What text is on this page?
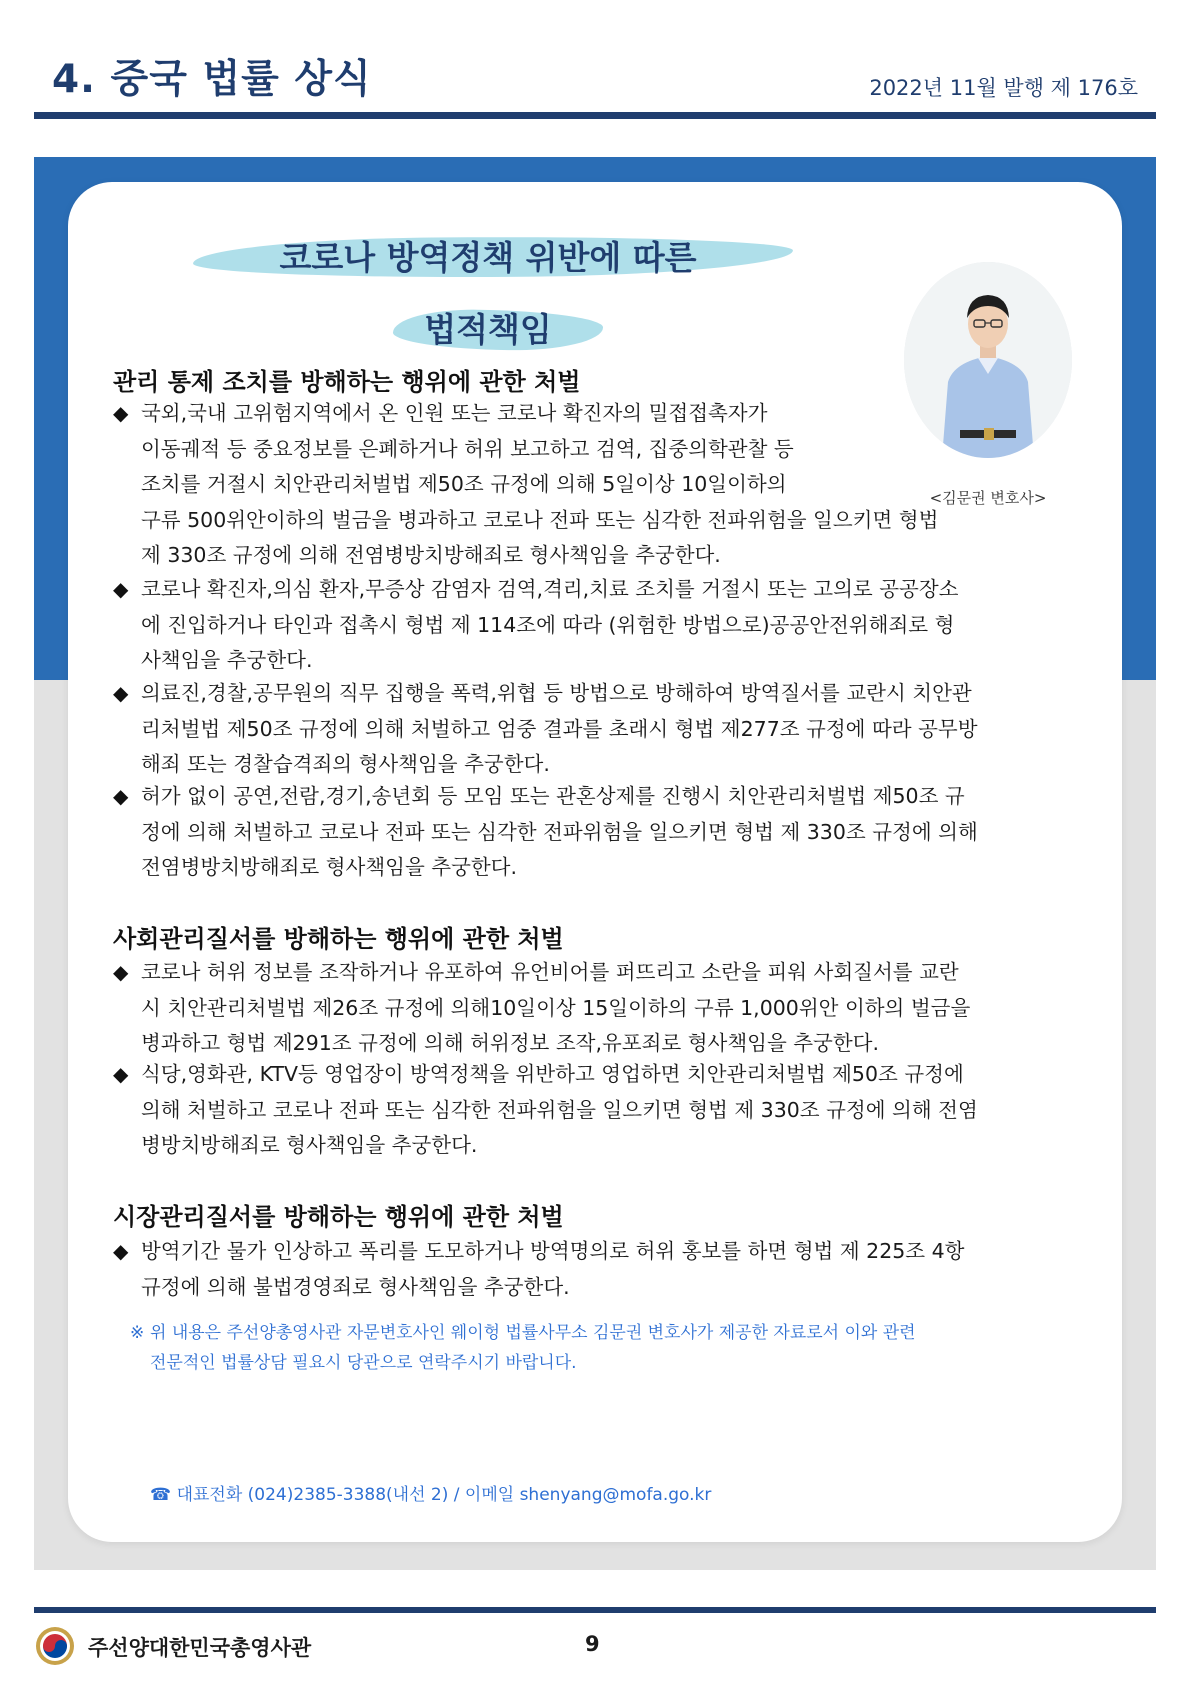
4. 중국 법률 상식	2022년 11월 발행 제 176호
코로나 방역정책 위반에 따른
법적책임
<김문권 변호사>
관리 통제 조치를 방해하는 행위에 관한 처벌
◆ 국외,국내 고위험지역에서 온 인원 또는 코로나 확진자의 밀접접촉자가
이동궤적 등 중요정보를 은폐하거나 허위 보고하고 검역, 집중의학관찰 등
조치를 거절시 치안관리처벌법 제50조 규정에 의해 5일이상 10일이하의
구류 500위안이하의 벌금을 병과하고 코로나 전파 또는 심각한 전파위험을 일으키면 형법
제 330조 규정에 의해 전염병방치방해죄로 형사책임을 추궁한다.
◆ 코로나 확진자,의심 환자,무증상 감염자 검역,격리,치료 조치를 거절시 또는 고의로 공공장소
에 진입하거나 타인과 접촉시 형법 제 114조에 따라 (위험한 방법으로)공공안전위해죄로 형
사책임을 추궁한다.
◆ 의료진,경찰,공무원의 직무 집행을 폭력,위협 등 방법으로 방해하여 방역질서를 교란시 치안관
리처벌법 제50조 규정에 의해 처벌하고 엄중 결과를 초래시 형법 제277조 규정에 따라 공무방
해죄 또는 경찰습격죄의 형사책임을 추궁한다.
◆ 허가 없이 공연,전람,경기,송년회 등 모임 또는 관혼상제를 진행시 치안관리처벌법 제50조 규
정에 의해 처벌하고 코로나 전파 또는 심각한 전파위험을 일으키면 형법 제 330조 규정에 의해
전염병방치방해죄로 형사책임을 추궁한다.
사회관리질서를 방해하는 행위에 관한 처벌
◆ 코로나 허위 정보를 조작하거나 유포하여 유언비어를 퍼뜨리고 소란을 피워 사회질서를 교란
시 치안관리처벌법 제26조 규정에 의해10일이상 15일이하의 구류 1,000위안 이하의 벌금을
병과하고 형법 제291조 규정에 의해 허위정보 조작,유포죄로 형사책임을 추궁한다.
◆ 식당,영화관, KTV등 영업장이 방역정책을 위반하고 영업하면 치안관리처벌법 제50조 규정에
의해 처벌하고 코로나 전파 또는 심각한 전파위험을 일으키면 형법 제 330조 규정에 의해 전염
병방치방해죄로 형사책임을 추궁한다.
시장관리질서를 방해하는 행위에 관한 처벌
◆ 방역기간 물가 인상하고 폭리를 도모하거나 방역명의로 허위 홍보를 하면 형법 제 225조 4항
규정에 의해 불법경영죄로 형사책임을 추궁한다.
※ 위 내용은 주선양총영사관 자문변호사인 웨이헝 법률사무소 김문권 변호사가 제공한 자료로서 이와 관련
전문적인 법률상담 필요시 당관으로 연락주시기 바랍니다.
☎ 대표전화 (024)2385-3388(내선 2) / 이메일 shenyang@mofa.go.kr
주선양대한민국총영사관	9
